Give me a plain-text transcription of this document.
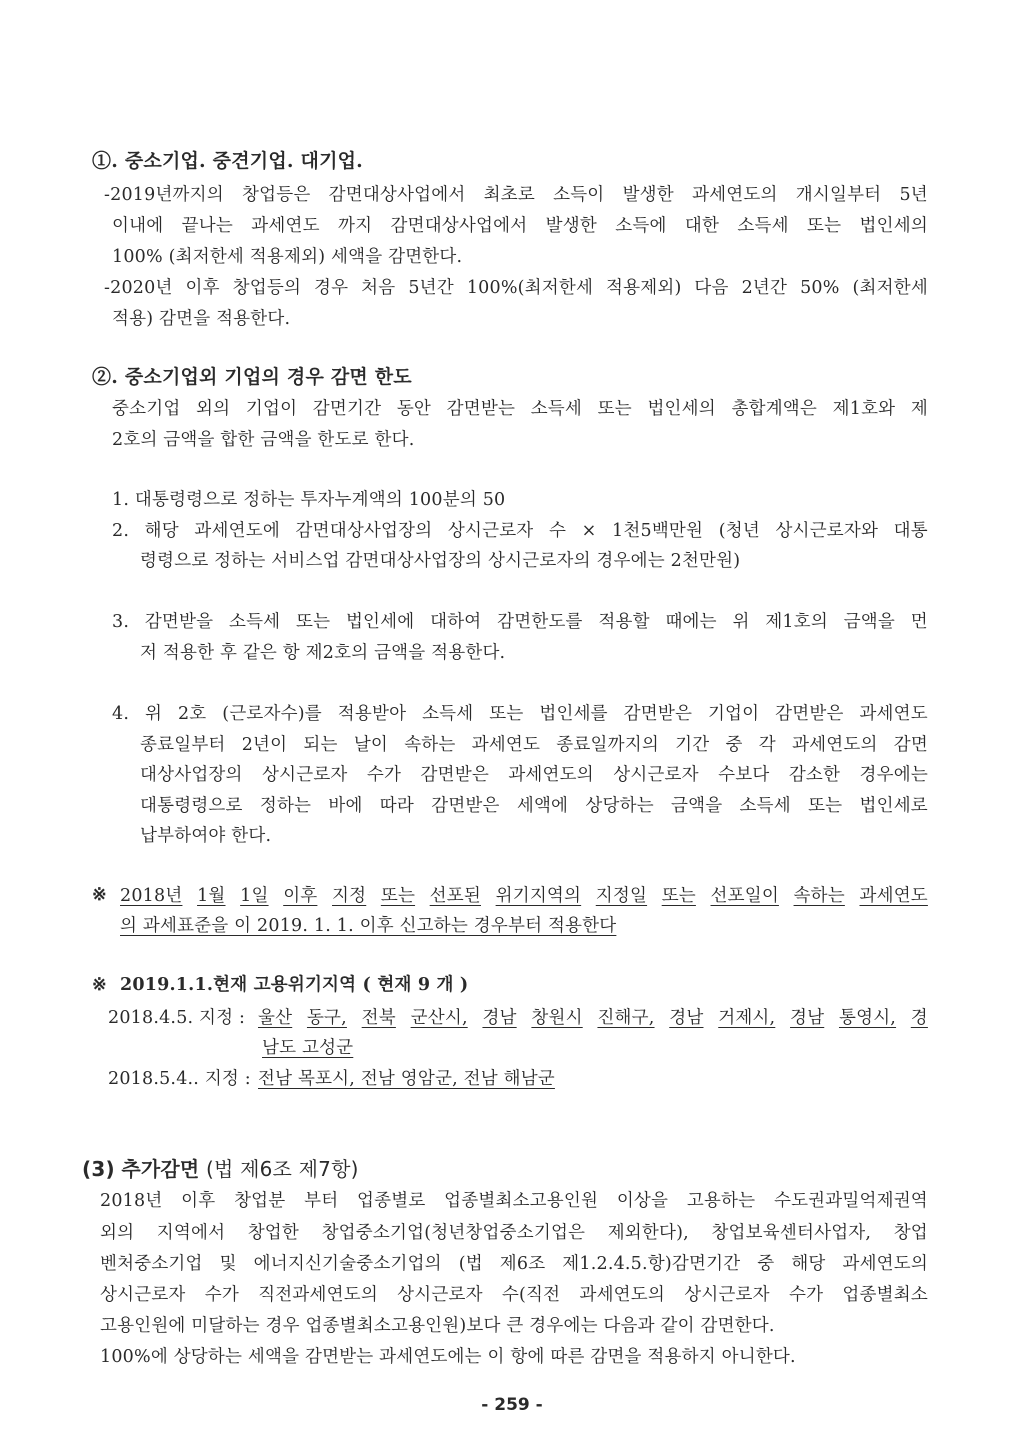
①. 중소기업. 중견기업. 대기업.
-2019년까지의 창업등은 감면대상사업에서 최초로 소득이 발생한 과세연도의 개시일부터 5년
이내에 끝나는 과세연도 까지 감면대상사업에서 발생한 소득에 대한 소득세 또는 법인세의
100% (최저한세 적용제외) 세액을 감면한다.
-2020년 이후 창업등의 경우 처음 5년간 100%(최저한세 적용제외) 다음 2년간 50% (최저한세
적용) 감면을 적용한다.
②. 중소기업외 기업의 경우 감면 한도
중소기업 외의 기업이 감면기간 동안 감면받는 소득세 또는 법인세의 총합계액은 제1호와 제
2호의 금액을 합한 금액을 한도로 한다.
1. 대통령령으로 정하는 투자누계액의 100분의 50
2. 해당 과세연도에 감면대상사업장의 상시근로자 수 × 1천5백만원 (청년 상시근로자와 대통
령령으로 정하는 서비스업 감면대상사업장의 상시근로자의 경우에는 2천만원)
3. 감면받을 소득세 또는 법인세에 대하여 감면한도를 적용할 때에는 위 제1호의 금액을 먼
저 적용한 후 같은 항 제2호의 금액을 적용한다.
4. 위 2호 (근로자수)를 적용받아 소득세 또는 법인세를 감면받은 기업이 감면받은 과세연도
종료일부터 2년이 되는 날이 속하는 과세연도 종료일까지의 기간 중 각 과세연도의 감면
대상사업장의 상시근로자 수가 감면받은 과세연도의 상시근로자 수보다 감소한 경우에는
대통령령으로 정하는 바에 따라 감면받은 세액에 상당하는 금액을 소득세 또는 법인세로
납부하여야 한다.
※ 2018년 1월 1일 이후 지정 또는 선포된 위기지역의 지정일 또는 선포일이 속하는 과세연도
의 과세표준을 이 2019. 1. 1. 이후 신고하는 경우부터 적용한다
※ 2019.1.1.현재 고용위기지역 ( 현재 9 개 )
2018.4.5. 지정 : 울산 동구, 전북 군산시, 경남 창원시 진해구, 경남 거제시, 경남 통영시, 경
남도 고성군
2018.5.4.. 지정 : 전남 목포시, 전남 영암군, 전남 해남군
(3) 추가감면 (법 제6조 제7항)
2018년 이후 창업분 부터 업종별로 업종별최소고용인원 이상을 고용하는 수도권과밀억제권역
외의 지역에서 창업한 창업중소기업(청년창업중소기업은 제외한다), 창업보육센터사업자, 창업
벤처중소기업 및 에너지신기술중소기업의 (법 제6조 제1.2.4.5.항)감면기간 중 해당 과세연도의
상시근로자 수가 직전과세연도의 상시근로자 수(직전 과세연도의 상시근로자 수가 업종별최소
고용인원에 미달하는 경우 업종별최소고용인원)보다 큰 경우에는 다음과 같이 감면한다.
100%에 상당하는 세액을 감면받는 과세연도에는 이 항에 따른 감면을 적용하지 아니한다.
- 259 -
